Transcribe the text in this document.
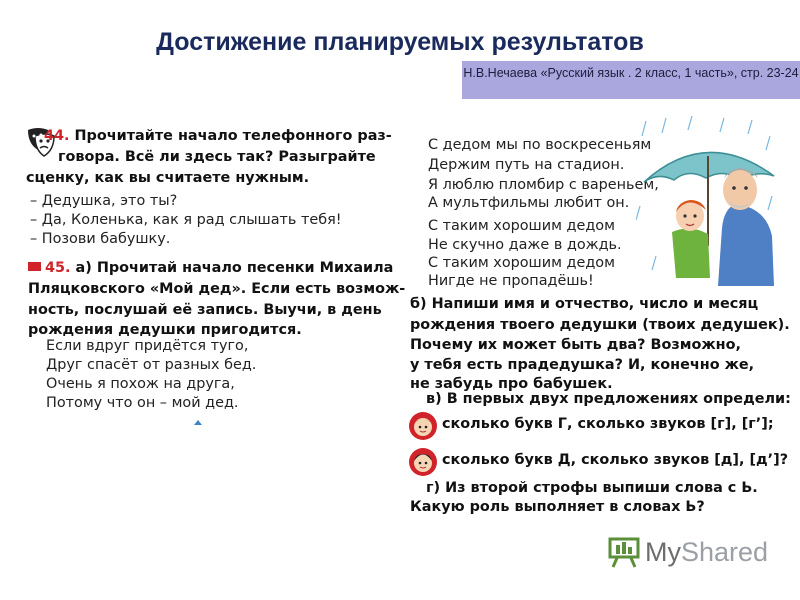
Достижение планируемых результатов
Н.В.Нечаева «Русский язык . 2 класс, 1 часть», стр. 23-24
44. Прочитайте начало телефонного раз-
говора. Всё ли здесь так? Разыграйте
сценку, как вы считаете нужным.
– Дедушка, это ты?
– Да, Коленька, как я рад слышать тебя!
– Позови бабушку.
45. а) Прочитай начало песенки Михаила
Пляцковского «Мой дед». Если есть возмож-
ность, послушай её запись. Выучи, в день
рождения дедушки пригодится.
Если вдруг придётся туго,
Друг спасёт от разных бед.
Очень я похож на друга,
Потому что он – мой дед.
С дедом мы по воскресеньям
Держим путь на стадион.
Я люблю пломбир с вареньем,
А мультфильмы любит он.
С таким хорошим дедом
Не скучно даже в дождь.
С таким хорошим дедом
Нигде не пропадёшь!
б) Напиши имя и отчество, число и месяц
рождения твоего дедушки (твоих дедушек).
Почему их может быть два? Возможно,
у тебя есть прадедушка? И, конечно же,
не забудь про бабушек.
в) В первых двух предложениях определи:
сколько букв Г, сколько звуков [г], [г’];
сколько букв Д, сколько звуков [д], [д’]?
г) Из второй строфы выпиши слова с Ь.
Какую роль выполняет в словах Ь?
My Shared
